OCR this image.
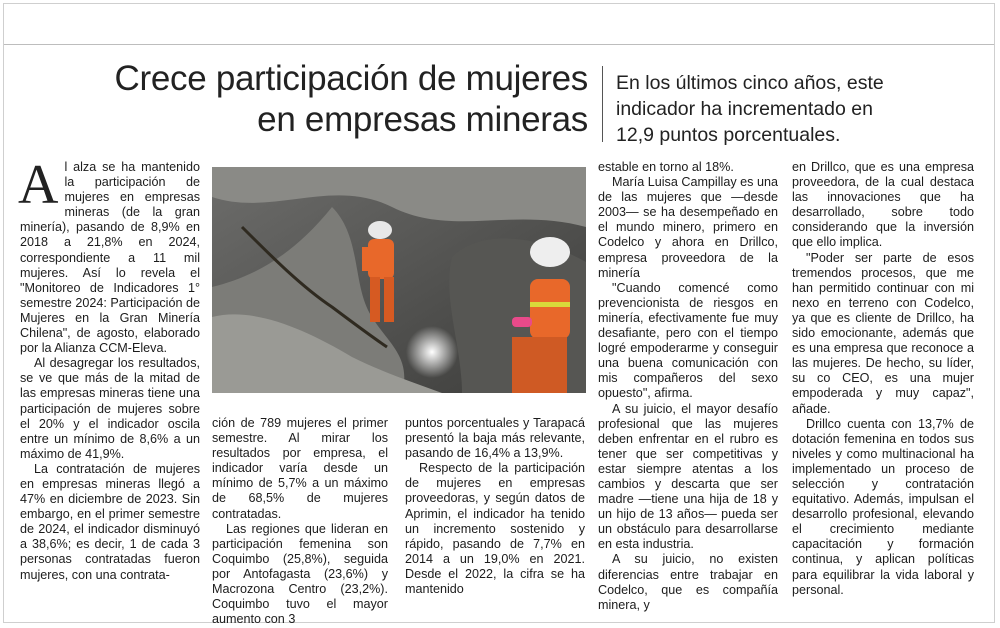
Crece participación de mujeres en empresas mineras
En los últimos cinco años, este indicador ha incrementado en 12,9 puntos porcentuales.

Al alza se ha mantenido la participación de mujeres en empresas mineras (de la gran minería), pasando de 8,9% en 2018 a 21,8% en 2024, correspondiente a 11 mil mujeres. Así lo revela el "Monitoreo de Indicadores 1° semestre 2024: Participación de Mujeres en la Gran Minería Chilena", de agosto, elaborado por la Alianza CCM-Eleva.

Al desagregar los resultados, se ve que más de la mitad de las empresas mineras tiene una participación de mujeres sobre el 20% y el indicador oscila entre un mínimo de 8,6% a un máximo de 41,9%.

La contratación de mujeres en empresas mineras llegó a 47% en diciembre de 2023. Sin embargo, en el primer semestre de 2024, el indicador disminuyó a 38,6%; es decir, 1 de cada 3 personas contratadas fueron mujeres, con una contrata-

ción de 789 mujeres el primer semestre. Al mirar los resultados por empresa, el indicador varía desde un mínimo de 5,7% a un máximo de 68,5% de mujeres contratadas.

Las regiones que lideran en participación femenina son Coquimbo (25,8%), seguida por Antofagasta (23,6%) y Macrozona Centro (23,2%). Coquimbo tuvo el mayor aumento con 3

puntos porcentuales y Tarapacá presentó la baja más relevante, pasando de 16,4% a 13,9%.

Respecto de la participación de mujeres en empresas proveedoras, y según datos de Aprimin, el indicador ha tenido un incremento sostenido y rápido, pasando de 7,7% en 2014 a un 19,0% en 2021. Desde el 2022, la cifra se ha mantenido

estable en torno al 18%.

María Luisa Campillay es una de las mujeres que —desde 2003— se ha desempeñado en el mundo minero, primero en Codelco y ahora en Drillco, empresa proveedora de la minería

"Cuando comencé como prevencionista de riesgos en minería, efectivamente fue muy desafiante, pero con el tiempo logré empoderarme y conseguir una buena comunicación con mis compañeros del sexo opuesto", afirma.

A su juicio, el mayor desafío profesional que las mujeres deben enfrentar en el rubro es tener que ser competitivas y estar siempre atentas a los cambios y descarta que ser madre —tiene una hija de 18 y un hijo de 13 años— pueda ser un obstáculo para desarrollarse en esta industria.

A su juicio, no existen diferencias entre trabajar en Codelco, que es compañía minera, y

en Drillco, que es una empresa proveedora, de la cual destaca las innovaciones que ha desarrollado, sobre todo considerando que la inversión que ello implica.

"Poder ser parte de esos tremendos procesos, que me han permitido continuar con mi nexo en terreno con Codelco, ya que es cliente de Drillco, ha sido emocionante, además que es una empresa que reconoce a las mujeres. De hecho, su líder, su co CEO, es una mujer empoderada y muy capaz", añade.

Drillco cuenta con 13,7% de dotación femenina en todos sus niveles y como multinacional ha implementado un proceso de selección y contratación equitativo. Además, impulsan el desarrollo profesional, elevando el crecimiento mediante capacitación y formación continua, y aplican políticas para equilibrar la vida laboral y personal.
